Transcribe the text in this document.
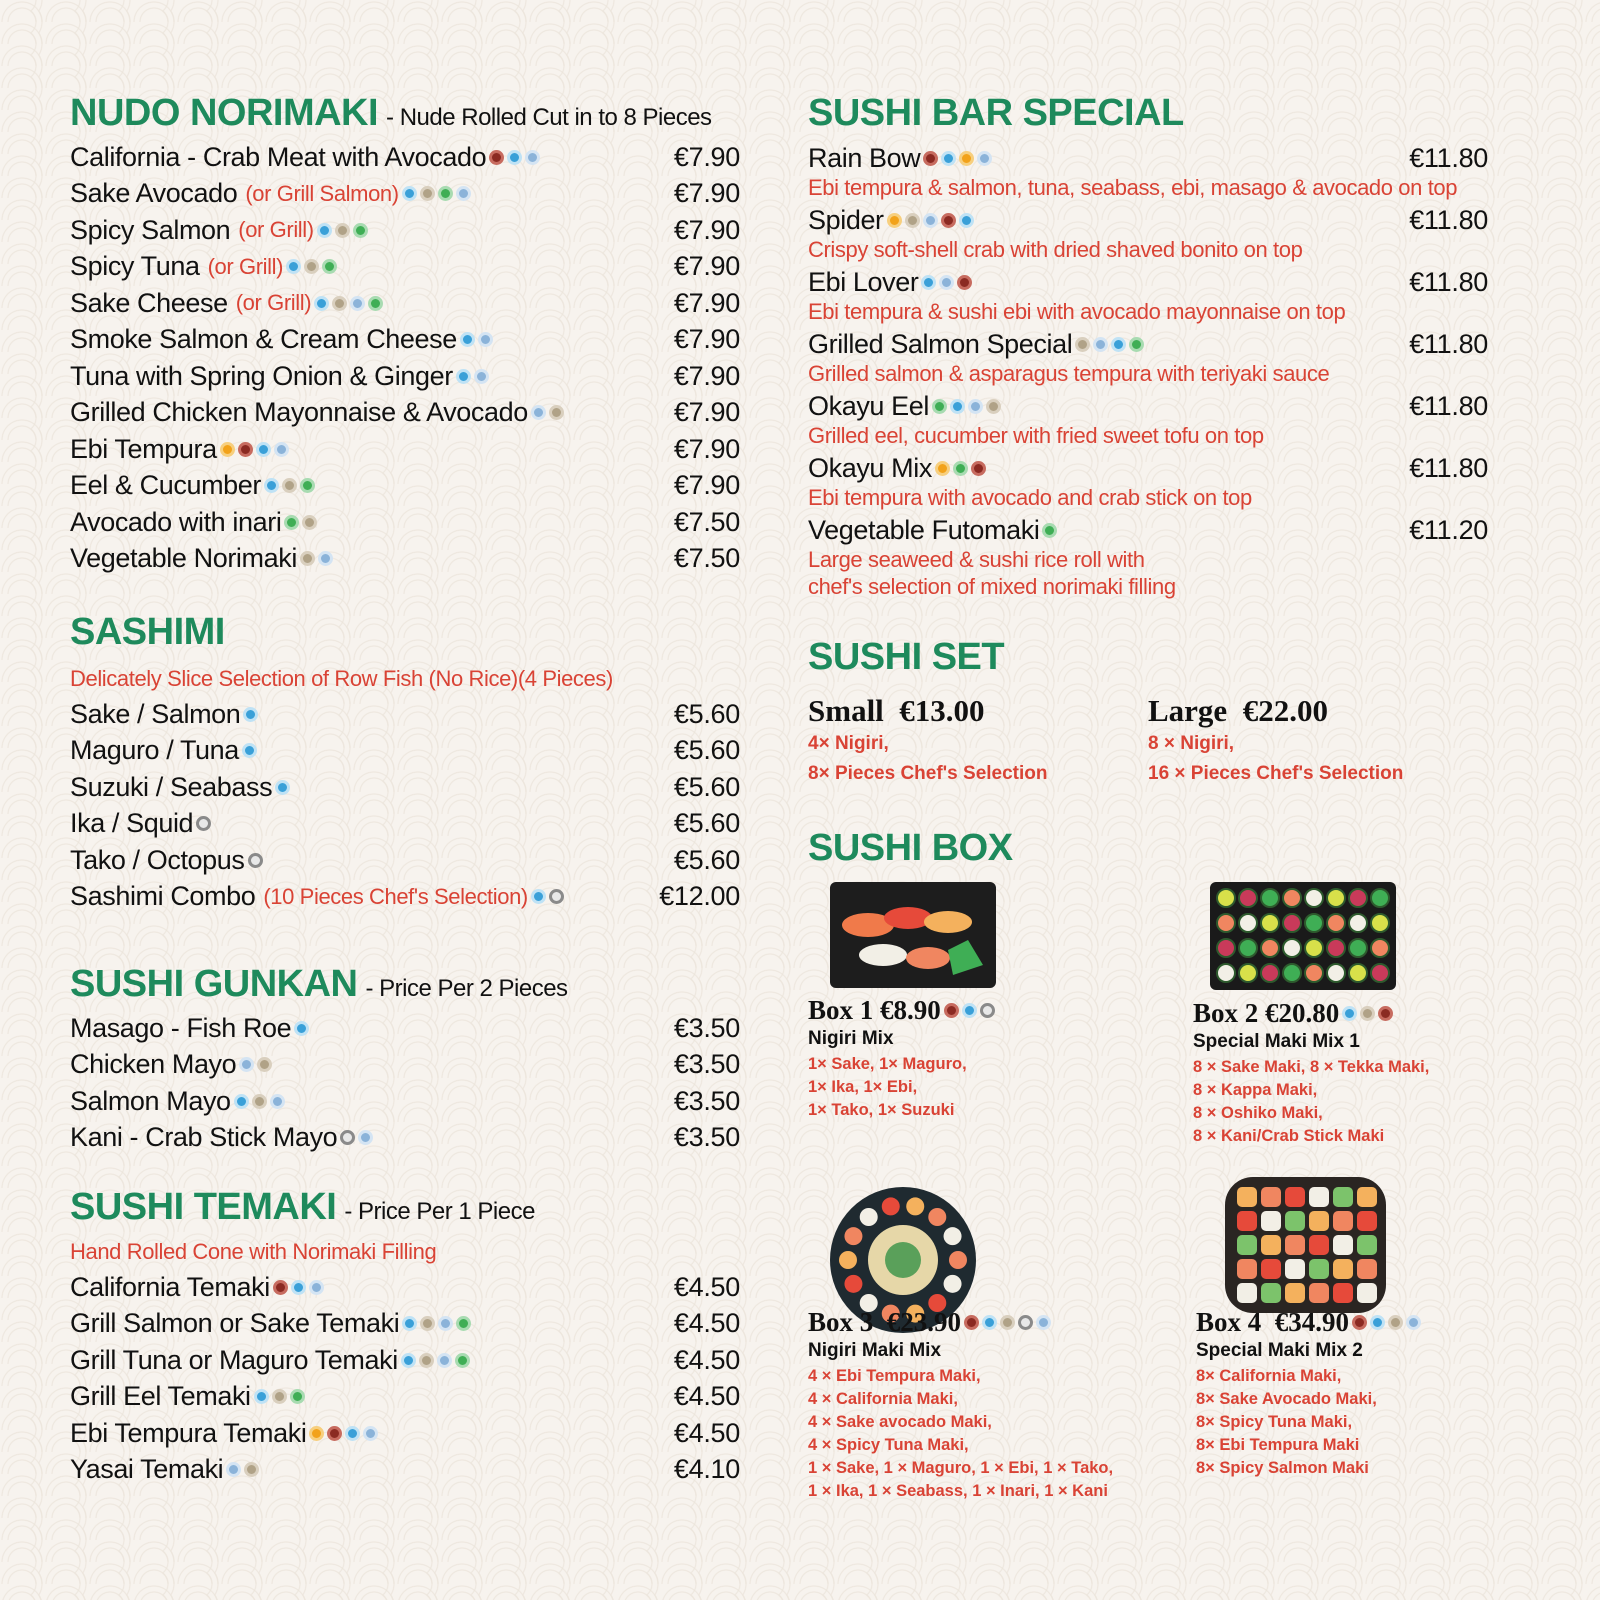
NUDO NORIMAKI - Nude Rolled Cut in to 8 Pieces
California - Crab Meat with Avocado	€7.90
Sake Avocado (or Grill Salmon)	€7.90
Spicy Salmon (or Grill)	€7.90
Spicy Tuna (or Grill)	€7.90
Sake Cheese (or Grill)	€7.90
Smoke Salmon & Cream Cheese	€7.90
Tuna with Spring Onion & Ginger	€7.90
Grilled Chicken Mayonnaise & Avocado	€7.90
Ebi Tempura	€7.90
Eel & Cucumber	€7.90
Avocado with inari	€7.50
Vegetable Norimaki	€7.50
SASHIMI
Delicately Slice Selection of Row Fish (No Rice)(4 Pieces)
Sake / Salmon	€5.60
Maguro / Tuna	€5.60
Suzuki / Seabass	€5.60
Ika / Squid	€5.60
Tako / Octopus	€5.60
Sashimi Combo (10 Pieces Chef's Selection)	€12.00
SUSHI GUNKAN - Price Per 2 Pieces
Masago - Fish Roe	€3.50
Chicken Mayo	€3.50
Salmon Mayo	€3.50
Kani - Crab Stick Mayo	€3.50
SUSHI TEMAKI - Price Per 1 Piece
Hand Rolled Cone with Norimaki Filling
California Temaki	€4.50
Grill Salmon or Sake Temaki	€4.50
Grill Tuna or Maguro Temaki	€4.50
Grill Eel Temaki	€4.50
Ebi Tempura Temaki	€4.50
Yasai Temaki	€4.10
SUSHI BAR SPECIAL
Rain Bow	€11.80
Ebi tempura & salmon, tuna, seabass, ebi, masago & avocado on top
Spider	€11.80
Crispy soft-shell crab with dried shaved bonito on top
Ebi Lover	€11.80
Ebi tempura & sushi ebi with avocado mayonnaise on top
Grilled Salmon Special	€11.80
Grilled salmon & asparagus tempura with teriyaki sauce
Okayu Eel	€11.80
Grilled eel, cucumber with fried sweet tofu on top
Okayu Mix	€11.80
Ebi tempura with avocado and crab stick on top
Vegetable Futomaki	€11.20
Large seaweed & sushi rice roll with
chef's selection of mixed norimaki filling
SUSHI SET
Small  €13.00
4× Nigiri,
8× Pieces Chef's Selection
Large  €22.00
8 × Nigiri,
16 × Pieces Chef's Selection
SUSHI BOX
Box 1 €8.90
Nigiri Mix
1× Sake, 1× Maguro,
1× Ika, 1× Ebi,
1× Tako, 1× Suzuki
Box 2 €20.80
Special Maki Mix 1
8 × Sake Maki, 8 × Tekka Maki,
8 × Kappa Maki,
8 × Oshiko Maki,
8 × Kani/Crab Stick Maki
Box 3  €23.90
Nigiri Maki Mix
4 × Ebi Tempura Maki,
4 × California Maki,
4 × Sake avocado Maki,
4 × Spicy Tuna Maki,
1 × Sake, 1 × Maguro, 1 × Ebi, 1 × Tako,
1 × Ika, 1 × Seabass, 1 × Inari, 1 × Kani
Box 4  €34.90
Special Maki Mix 2
8× California Maki,
8× Sake Avocado Maki,
8× Spicy Tuna Maki,
8× Ebi Tempura Maki
8× Spicy Salmon Maki
